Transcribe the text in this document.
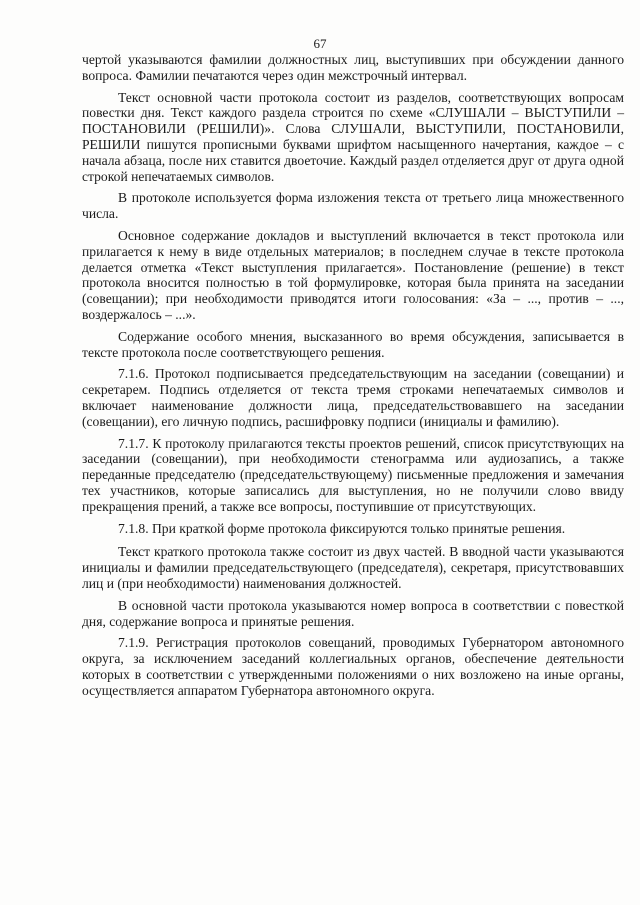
67

чертой указываются фамилии должностных лиц, выступивших при обсуждении данного вопроса. Фамилии печатаются через один межстрочный интервал.

Текст основной части протокола состоит из разделов, соответствующих вопросам повестки дня. Текст каждого раздела строится по схеме «СЛУШАЛИ – ВЫСТУПИЛИ – ПОСТАНОВИЛИ (РЕШИЛИ)». Слова СЛУШАЛИ, ВЫСТУПИЛИ, ПОСТАНОВИЛИ, РЕШИЛИ пишутся прописными буквами шрифтом насыщенного начертания, каждое – с начала абзаца, после них ставится двоеточие. Каждый раздел отделяется друг от друга одной строкой непечатаемых символов.

В протоколе используется форма изложения текста от третьего лица множественного числа.

Основное содержание докладов и выступлений включается в текст протокола или прилагается к нему в виде отдельных материалов; в последнем случае в тексте протокола делается отметка «Текст выступления прилагается». Постановление (решение) в текст протокола вносится полностью в той формулировке, которая была принята на заседании (совещании); при необходимости приводятся итоги голосования: «За – ..., против – ..., воздержалось – ...».

Содержание особого мнения, высказанного во время обсуждения, записывается в тексте протокола после соответствующего решения.

7.1.6. Протокол подписывается председательствующим на заседании (совещании) и секретарем. Подпись отделяется от текста тремя строками непечатаемых символов и включает наименование должности лица, председательствовавшего на заседании (совещании), его личную подпись, расшифровку подписи (инициалы и фамилию).

7.1.7. К протоколу прилагаются тексты проектов решений, список присутствующих на заседании (совещании), при необходимости стенограмма или аудиозапись, а также переданные председателю (председательствующему) письменные предложения и замечания тех участников, которые записались для выступления, но не получили слово ввиду прекращения прений, а также все вопросы, поступившие от присутствующих.

7.1.8. При краткой форме протокола фиксируются только принятые решения.

Текст краткого протокола также состоит из двух частей. В вводной части указываются инициалы и фамилии председательствующего (председателя), секретаря, присутствовавших лиц и (при необходимости) наименования должностей.

В основной части протокола указываются номер вопроса в соответствии с повесткой дня, содержание вопроса и принятые решения.

7.1.9. Регистрация протоколов совещаний, проводимых Губернатором автономного округа, за исключением заседаний коллегиальных органов, обеспечение деятельности которых в соответствии с утвержденными положениями о них возложено на иные органы, осуществляется аппаратом Губернатора автономного округа.
